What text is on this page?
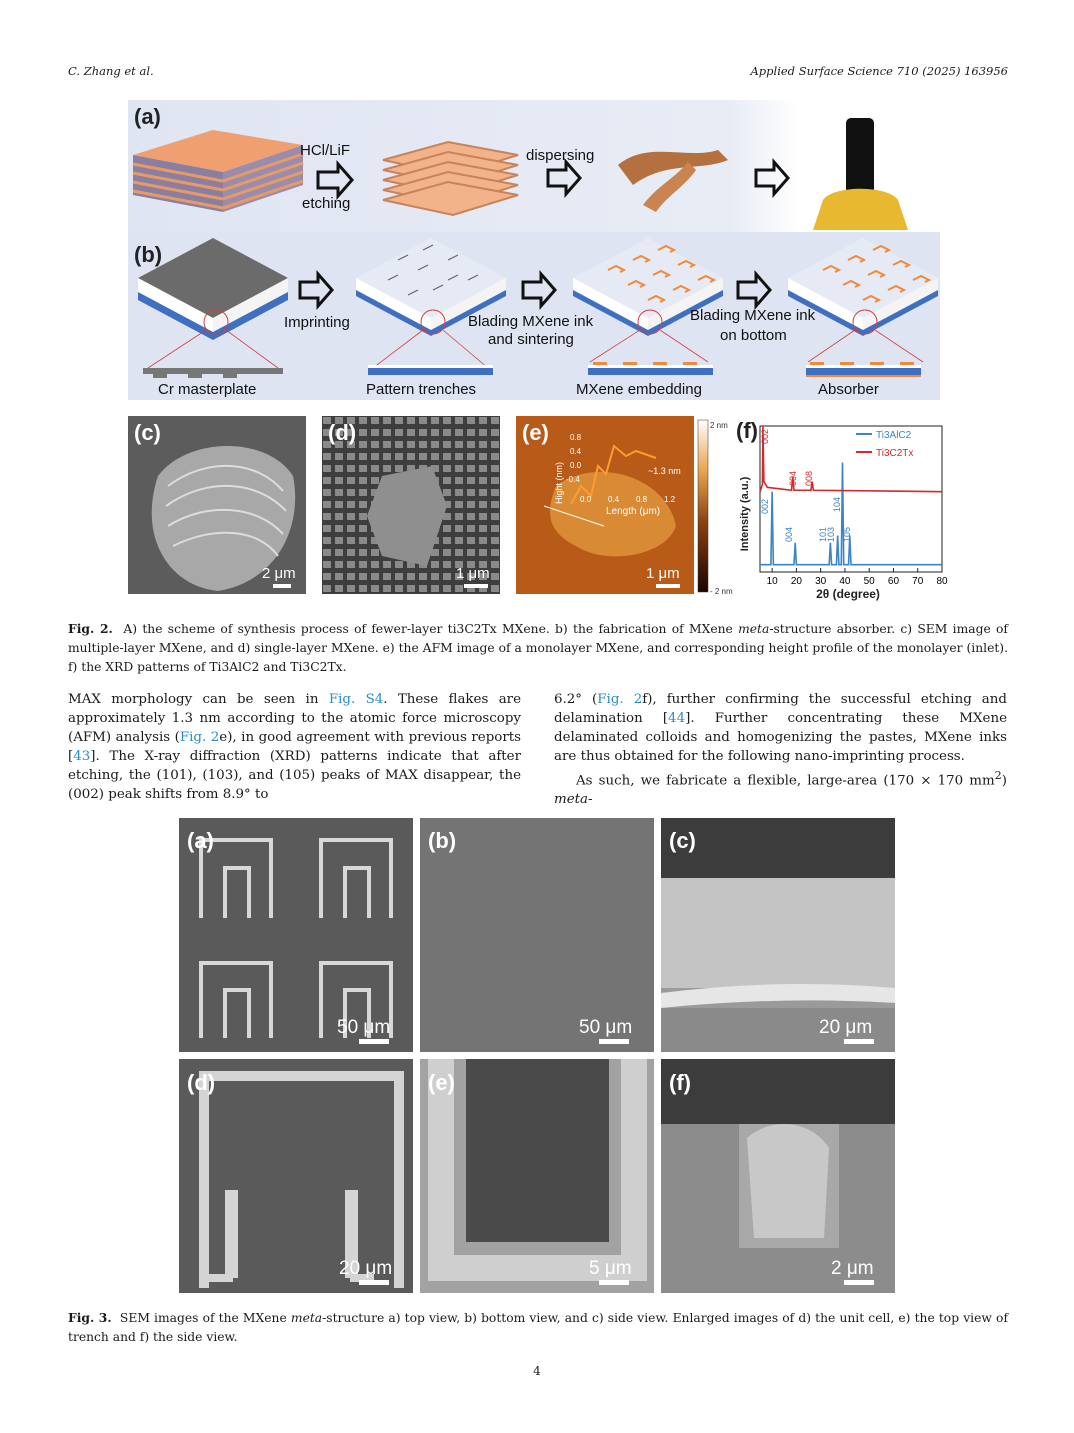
C. Zhang et al.	Applied Surface Science 710 (2025) 163956
HCl/LiF
etching
dispersing
(a)
(b)
Cr masterplate
Imprinting
Pattern trenches
Blading MXene ink
and sintering
MXene embedding
Blading MXene ink
on bottom
Absorber
(c)
2 μm
(d)
1 μm
(e)
Hight (nm)
0.8
0.4
0.0
-0.4
0.0 0.4 0.8 1.2
Length (μm)
~1.3 nm
1 μm
2 nm
- 2 nm
(f)
Intensity (a.u.)
2θ (degree)
10 20 30 40 50 60 70 80
Ti3AlC2
Ti3C2Tx
002
004 008
002
004	101
103
104
105
Fig. 2. A) the scheme of synthesis process of fewer-layer ti3C2Tx MXene. b) the fabrication of MXene meta-structure absorber. c) SEM image of multiple-layer MXene, and d) single-layer MXene. e) the AFM image of a monolayer MXene, and corresponding height profile of the monolayer (inlet). f) the XRD patterns of Ti3AlC2 and Ti3C2Tx.
MAX morphology can be seen in Fig. S4. These flakes are approximately 1.3 nm according to the atomic force microscopy (AFM) analysis (Fig. 2e), in good agreement with previous reports [43]. The X-ray diffraction (XRD) patterns indicate that after etching, the (101), (103), and (105) peaks of MAX disappear, the (002) peak shifts from 8.9° to
6.2° (Fig. 2f), further confirming the successful etching and delamination [44]. Further concentrating these MXene delaminated colloids and homogenizing the pastes, MXene inks are thus obtained for the following nano-imprinting process.
As such, we fabricate a flexible, large-area (170 × 170 $mm^2$) meta-
(a)
50 μm
(b)
50 μm
(c)
20 μm
(d)
20 μm
(e)
5 μm
(f)
2 μm
Fig. 3. SEM images of the MXene meta-structure a) top view, b) bottom view, and c) side view. Enlarged images of d) the unit cell, e) the top view of trench and f) the side view.
4
